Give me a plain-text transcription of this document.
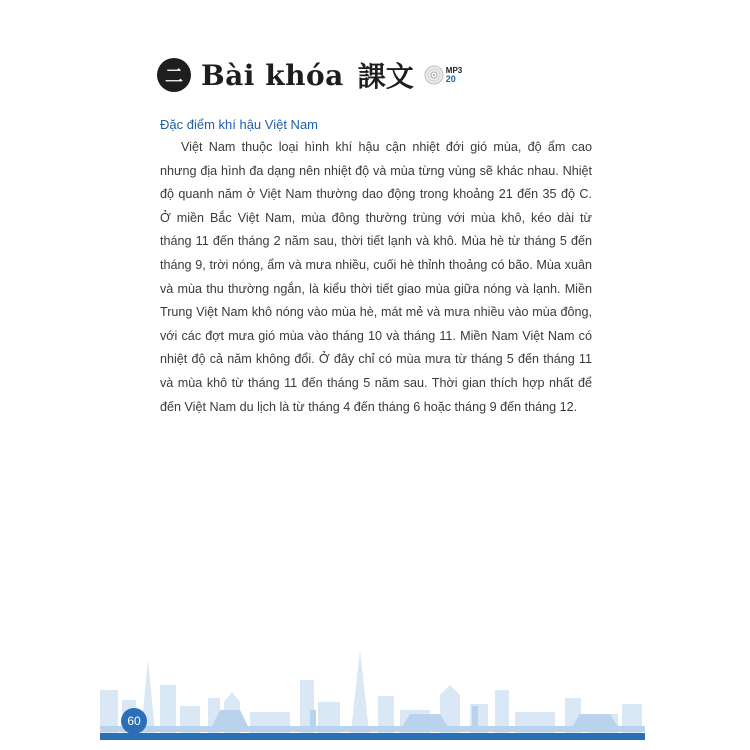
二 Bài khóa 課文	MP3
20
Đặc điểm khí hậu Việt Nam

Việt Nam thuộc loại hình khí hậu cận nhiệt đới gió mùa, độ ẩm cao nhưng địa hình đa dạng nên nhiệt độ và mùa từng vùng sẽ khác nhau. Nhiệt độ quanh năm ở Việt Nam thường dao động trong khoảng 21 đến 35 độ C. Ở miền Bắc Việt Nam, mùa đông thường trùng với mùa khô, kéo dài từ tháng 11 đến tháng 2 năm sau, thời tiết lạnh và khô. Mùa hè từ tháng 5 đến tháng 9, trời nóng, ẩm và mưa nhiều, cuối hè thỉnh thoảng có bão. Mùa xuân và mùa thu thường ngắn, là kiểu thời tiết giao mùa giữa nóng và lạnh. Miền Trung Việt Nam khô nóng vào mùa hè, mát mẻ và mưa nhiều vào mùa đông, với các đợt mưa gió mùa vào tháng 10 và tháng 11. Miền Nam Việt Nam có nhiệt độ cả năm không đổi. Ở đây chỉ có mùa mưa từ tháng 5 đến tháng 11 và mùa khô từ tháng 11 đến tháng 5 năm sau. Thời gian thích hợp nhất để đến Việt Nam du lịch là từ tháng 4 đến tháng 6 hoặc tháng 9 đến tháng 12.

60
